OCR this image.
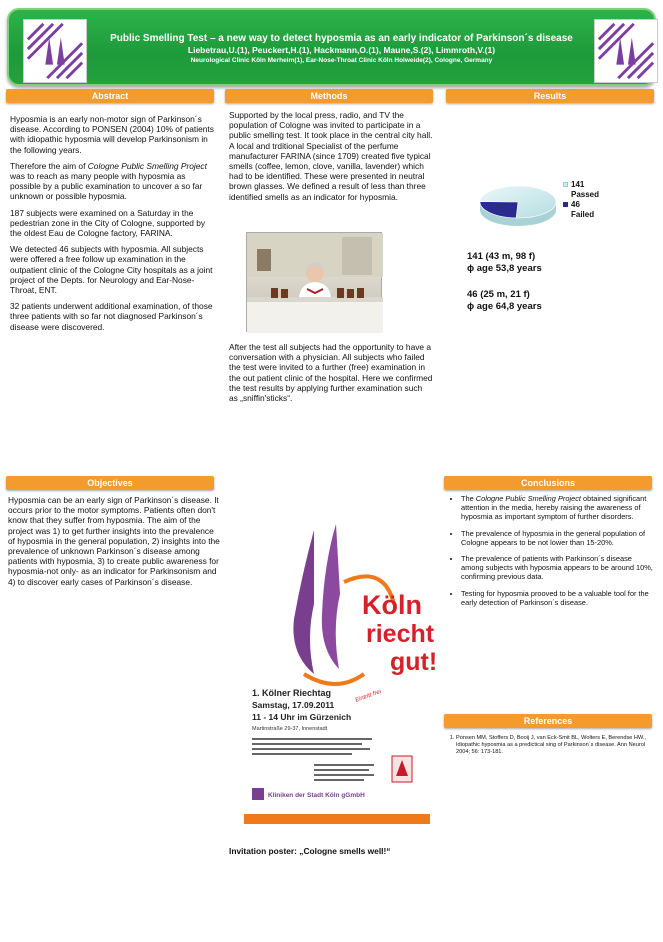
Public Smelling Test – a new way to detect hyposmia as an early indicator of Parkinson´s disease
Liebetrau,U.(1), Peuckert,H.(1), Hackmann,O.(1), Maune,S.(2), Limmroth,V.(1)
Neurological Clinic Köln Merheim(1), Ear-Nose-Throat Clinic Köln Holweide(2), Cologne, Germany
Abstract	Methods	Results

Hyposmia is an early non-motor sign of Parkinson´s disease. According to PONSEN (2004) 10% of patients with idiopathic hyposmia will develop Parkinsonism in the following years.

Therefore the aim of Cologne Public Smelling Project was to reach as many people with hyposmia as possible by a public examination to uncover a so far unknown or possible hyposmia.

187 subjects were examined on a Saturday in the pedestrian zone in the City of Cologne, supported by the oldest Eau de Cologne factory, FARINA.

We detected 46 subjects with hyposmia. All subjects were offered a free follow up examination in the outpatient clinic of the Cologne City hospitals as a joint project of the Depts. for Neurology and Ear-Nose-Throat, ENT.

32 patients underwent additional examination, of those three patients with so far not diagnosed Parkinson´s disease were discovered.

Supported by the local press, radio, and TV the population of Cologne was invited to participate in a public smelling test. It took place in the central city hall. A local and trditional Specialist of the perfume manufacturer FARINA (since 1709) created five typical smells (coffee, lemon, clove, vanilla, lavender) which had to be identified. These were presented in neutral brown glasses. We defined a result of less than three identified smells as an indicator for hyposmia.

After the test all subjects had the opportunity to have a conversation with a physician. All subjects who failed the test were invited to a further (free) examination in the out patient clinic of the hospital. Here we confirmed the test results by applying further examination such as „sniffin'sticks“.

141
Passed
46
Failed
141 (43 m, 98 f)
ϕ age 53,8 years
46 (25 m, 21 f)
ϕ age 64,8 years
Objectives

Hyposmia can be an early sign of Parkinson´s disease. It occurs prior to the motor symptoms. Patients often don't know that they suffer from hyposmia. The aim of the project was 1) to get further insights into the prevalence of hyposmia in the general population, 2) insights into the prevalence of unknown Parkinson´s disease among patients with hyposmia, 3) to create public awareness for hyposmia-not only- as an indicator for Parkinsonism and 4) to discover early cases of Parkinson´s disease.

Köln
riecht
gut!
1. Kölner Riechtag
Samstag, 17.09.2011
11 - 14 Uhr im Gürzenich
Martinstraße 29-37, Innenstadt
Eintritt frei
Kliniken der Stadt Köln gGmbH
Invitation poster: „Cologne smells well!“
Conclusions
• The Cologne Public Smelling Project obtained significant attention in the media, hereby raising the awareness of hyposmia as important symptom of further disorders.
• The prevalence of hyposmia in the general population of Cologne appears to be not lower than 15-20%.
• The prevalence of patients with Parkinson´s disease among subjects with hyposmia appears to be around 10%, confirming previous data.
• Testing for hyposmia prooved to be a valuable tool for the early detection of Parkinson´s disease.
References
1. Ponsen MM, Stoffers D, Booij J, van Eck-Smit BL, Wolters E, Berendse HW., Idiopathic hyposmia as a predictical sing of Parkinson´s disease. Ann Neurol 2004; 56: 173-181.
